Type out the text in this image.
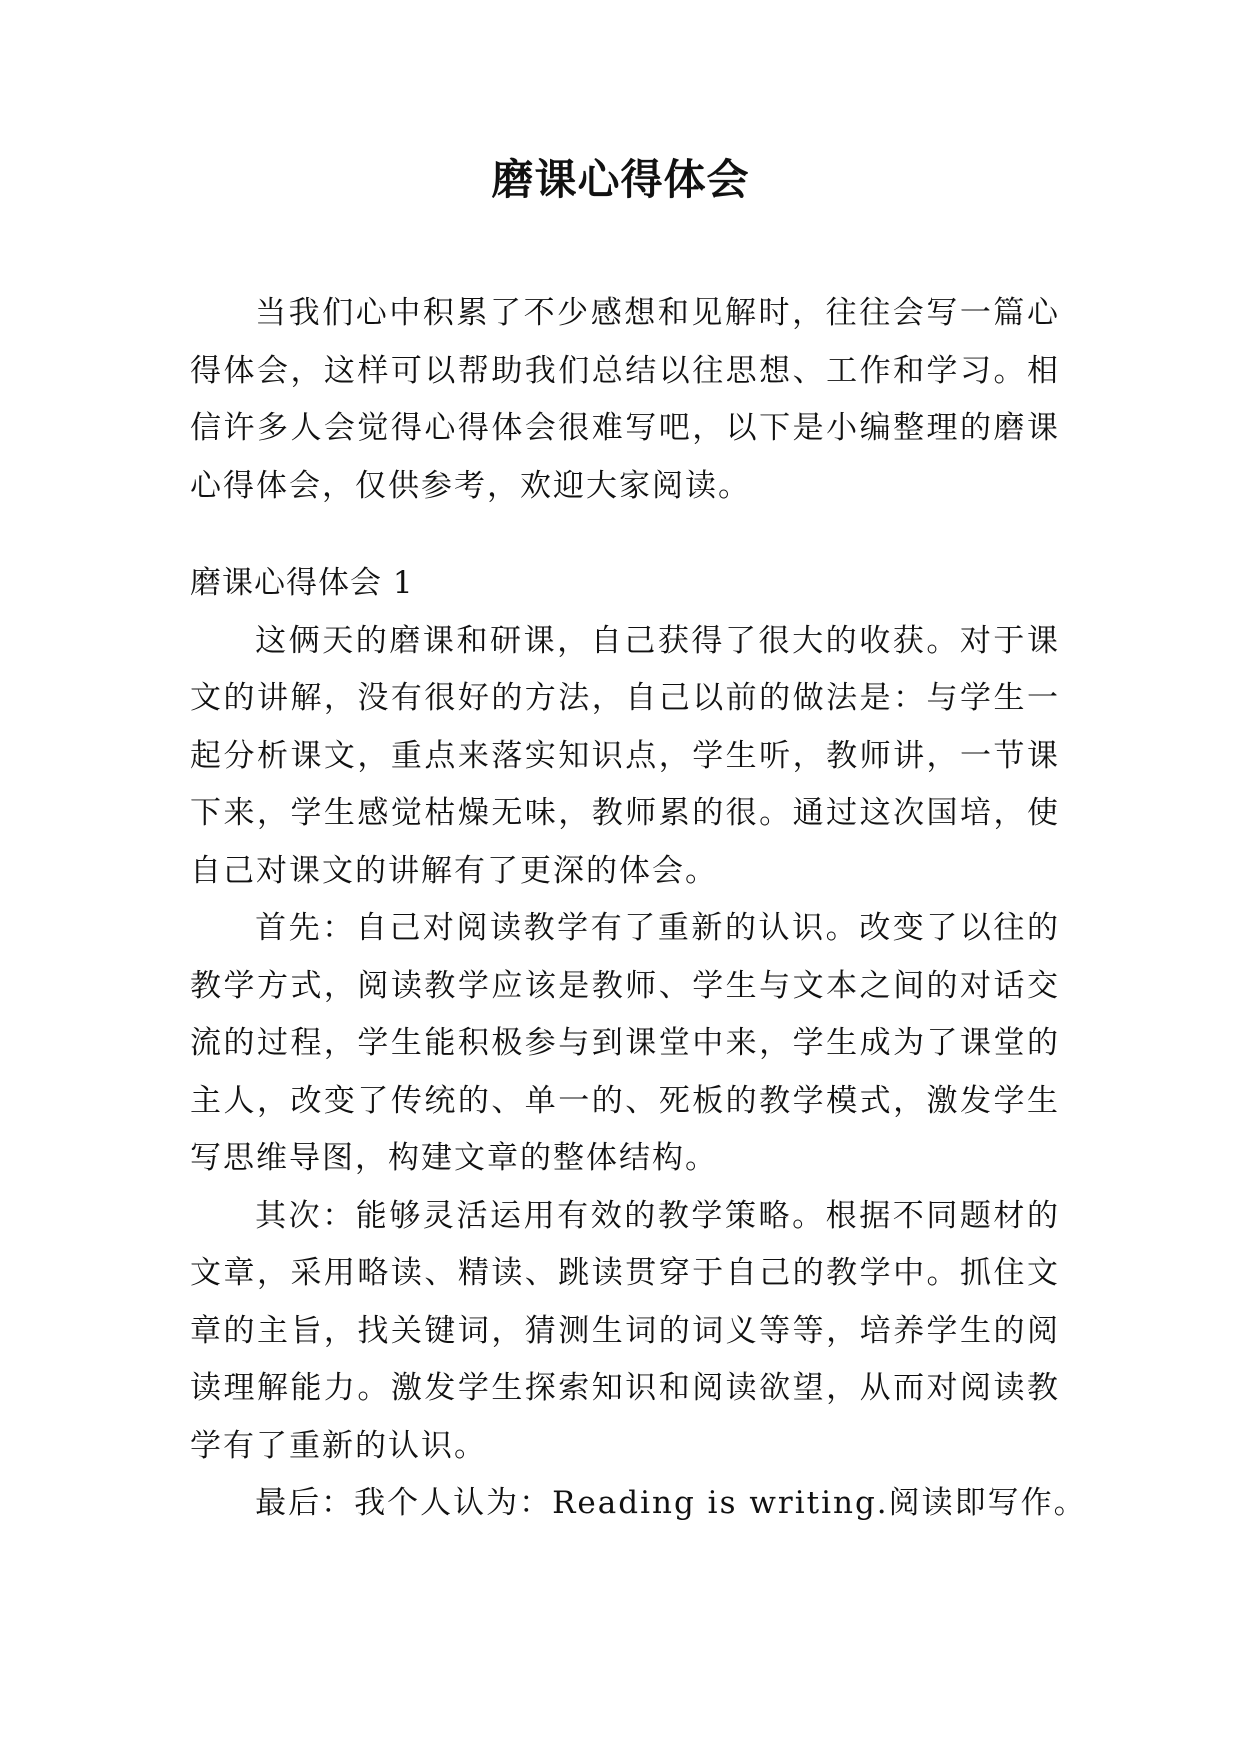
磨课心得体会

当我们心中积累了不少感想和见解时，往往会写一篇心得体会，这样可以帮助我们总结以往思想、工作和学习。相信许多人会觉得心得体会很难写吧，以下是小编整理的磨课心得体会，仅供参考，欢迎大家阅读。

磨课心得体会 1

这俩天的磨课和研课，自己获得了很大的收获。对于课文的讲解，没有很好的方法，自己以前的做法是：与学生一起分析课文，重点来落实知识点，学生听，教师讲，一节课下来，学生感觉枯燥无味，教师累的很。通过这次国培，使自己对课文的讲解有了更深的体会。

首先：自己对阅读教学有了重新的认识。改变了以往的教学方式，阅读教学应该是教师、学生与文本之间的对话交流的过程，学生能积极参与到课堂中来，学生成为了课堂的主人，改变了传统的、单一的、死板的教学模式，激发学生写思维导图，构建文章的整体结构。

其次：能够灵活运用有效的教学策略。根据不同题材的文章，采用略读、精读、跳读贯穿于自己的教学中。抓住文章的主旨，找关键词，猜测生词的词义等等，培养学生的阅读理解能力。激发学生探索知识和阅读欲望，从而对阅读教学有了重新的认识。

最后：我个人认为：Reading is writing.阅读即写作。
